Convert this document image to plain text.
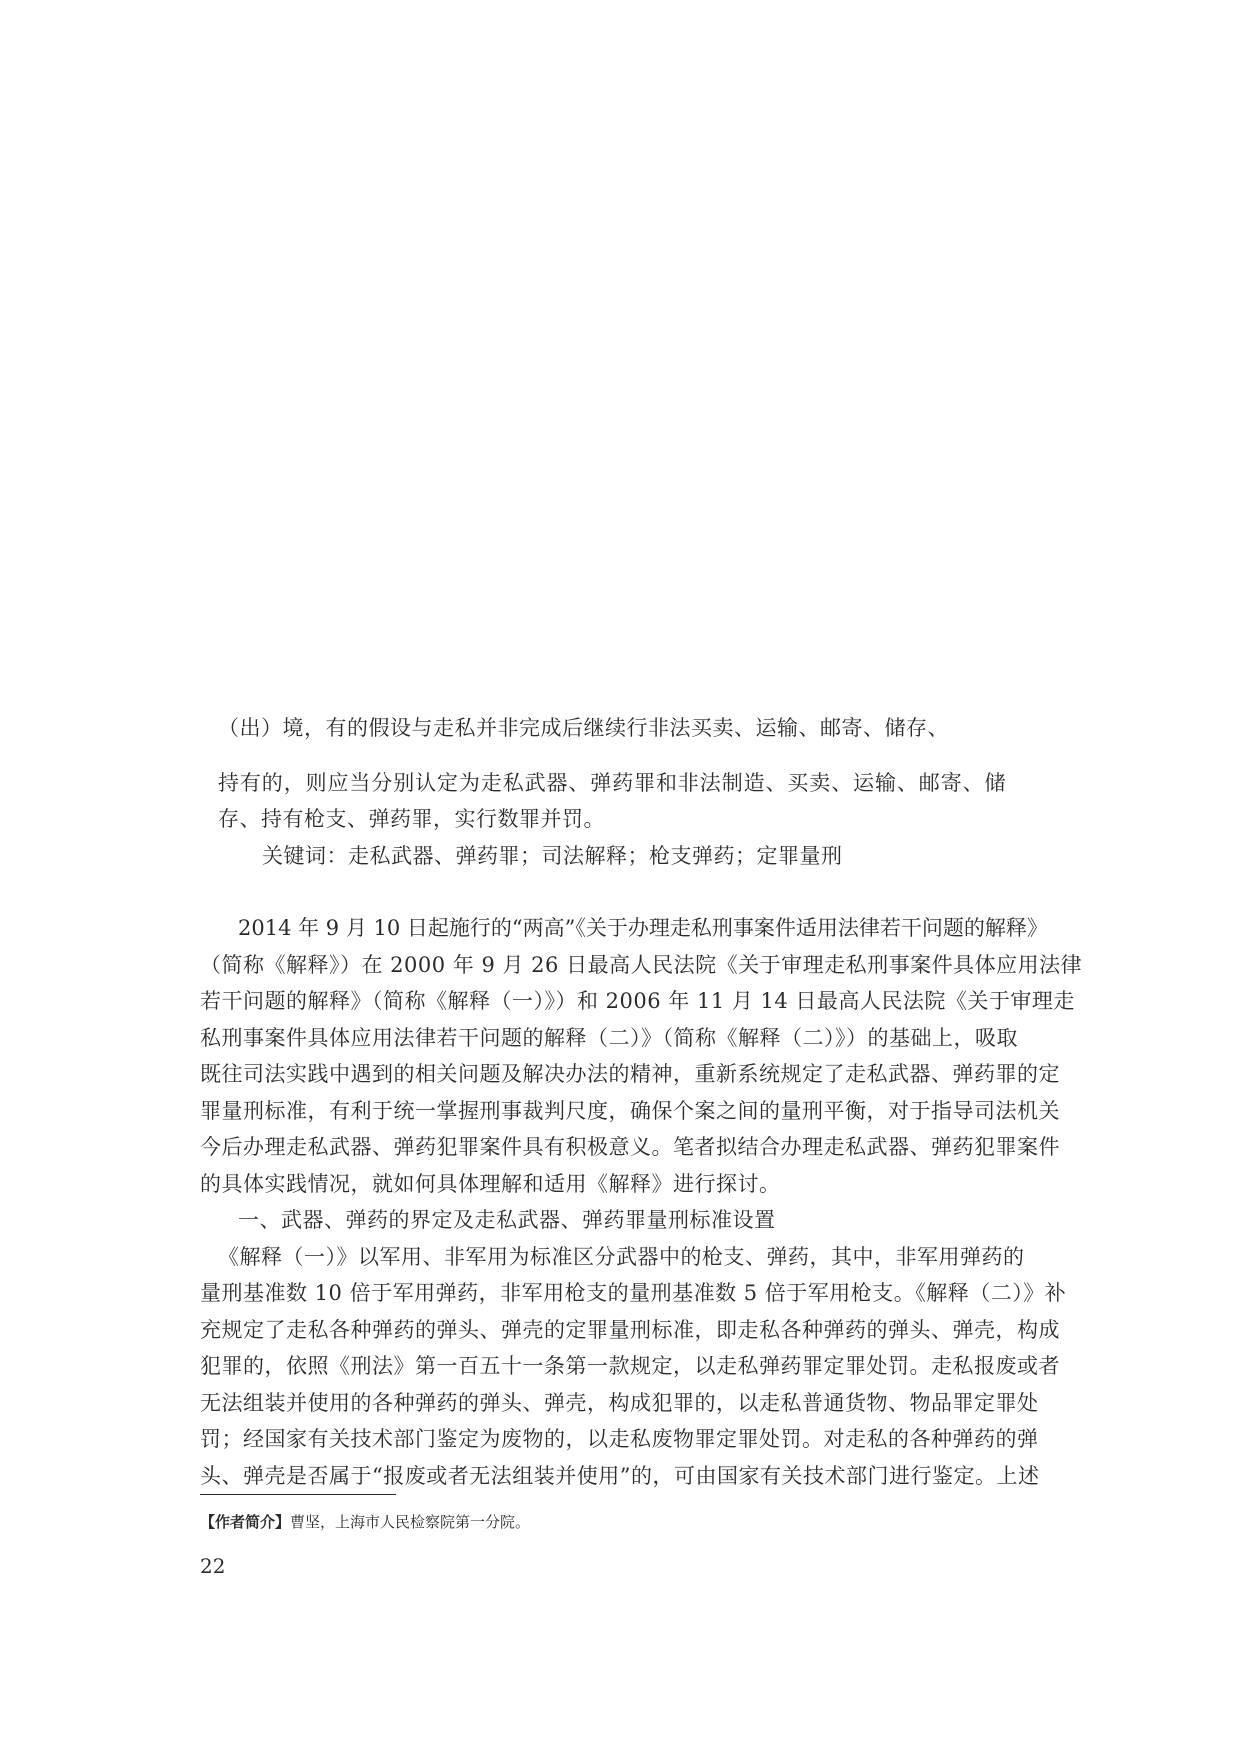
（出）境，有的假设与走私并非完成后继续行非法买卖、运输、邮寄、储存、
持有的，则应当分别认定为走私武器、弹药罪和非法制造、买卖、运输、邮寄、储
存、持有枪支、弹药罪，实行数罪并罚。
关键词：走私武器、弹药罪；司法解释；枪支弹药；定罪量刑
2014 年 9 月 10 日起施行的“两高”《关于办理走私刑事案件适用法律若干问题的解释》
（简称《解释》）在 2000 年 9 月 26 日最高人民法院《关于审理走私刑事案件具体应用法律
若干问题的解释》（简称《解释（一）》）和 2006 年 11 月 14 日最高人民法院《关于审理走
私刑事案件具体应用法律若干问题的解释（二）》（简称《解释（二）》）的基础上，吸取
既往司法实践中遇到的相关问题及解决办法的精神，重新系统规定了走私武器、弹药罪的定
罪量刑标准，有利于统一掌握刑事裁判尺度，确保个案之间的量刑平衡，对于指导司法机关
今后办理走私武器、弹药犯罪案件具有积极意义。笔者拟结合办理走私武器、弹药犯罪案件
的具体实践情况，就如何具体理解和适用《解释》进行探讨。
一、武器、弹药的界定及走私武器、弹药罪量刑标准设置
《解释（一）》以军用、非军用为标准区分武器中的枪支、弹药，其中，非军用弹药的
量刑基准数 10 倍于军用弹药，非军用枪支的量刑基准数 5 倍于军用枪支。《解释（二）》补
充规定了走私各种弹药的弹头、弹壳的定罪量刑标准，即走私各种弹药的弹头、弹壳，构成
犯罪的，依照《刑法》第一百五十一条第一款规定，以走私弹药罪定罪处罚。走私报废或者
无法组装并使用的各种弹药的弹头、弹壳，构成犯罪的，以走私普通货物、物品罪定罪处
罚；经国家有关技术部门鉴定为废物的，以走私废物罪定罪处罚。对走私的各种弹药的弹
头、弹壳是否属于“报废或者无法组装并使用”的，可由国家有关技术部门进行鉴定。上述
【作者简介】曹坚，上海市人民检察院第一分院。
22
